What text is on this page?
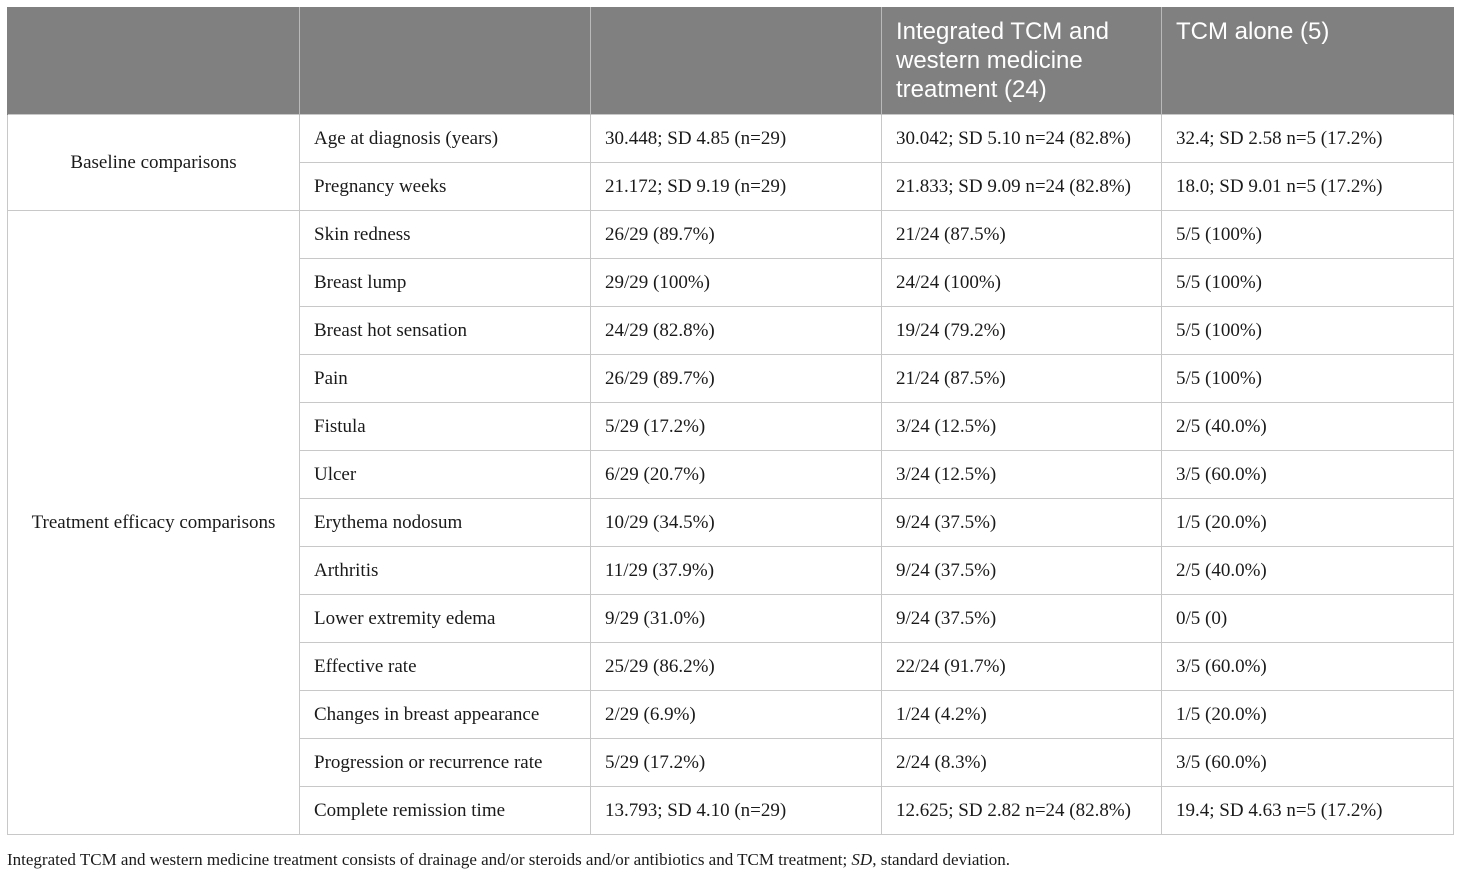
			Integrated TCM and western medicine treatment (24)	TCM alone (5)
Baseline comparisons	Age at diagnosis (years)	30.448; SD 4.85 (n=29)	30.042; SD 5.10 n=24 (82.8%)	32.4; SD 2.58 n=5 (17.2%)
	Pregnancy weeks	21.172; SD 9.19 (n=29)	21.833; SD 9.09 n=24 (82.8%)	18.0; SD 9.01 n=5 (17.2%)
Treatment efficacy comparisons	Skin redness	26/29 (89.7%)	21/24 (87.5%)	5/5 (100%)
	Breast lump	29/29 (100%)	24/24 (100%)	5/5 (100%)
	Breast hot sensation	24/29 (82.8%)	19/24 (79.2%)	5/5 (100%)
	Pain	26/29 (89.7%)	21/24 (87.5%)	5/5 (100%)
	Fistula	5/29 (17.2%)	3/24 (12.5%)	2/5 (40.0%)
	Ulcer	6/29 (20.7%)	3/24 (12.5%)	3/5 (60.0%)
	Erythema nodosum	10/29 (34.5%)	9/24 (37.5%)	1/5 (20.0%)
	Arthritis	11/29 (37.9%)	9/24 (37.5%)	2/5 (40.0%)
	Lower extremity edema	9/29 (31.0%)	9/24 (37.5%)	0/5 (0)
	Effective rate	25/29 (86.2%)	22/24 (91.7%)	3/5 (60.0%)
	Changes in breast appearance	2/29 (6.9%)	1/24 (4.2%)	1/5 (20.0%)
	Progression or recurrence rate	5/29 (17.2%)	2/24 (8.3%)	3/5 (60.0%)
	Complete remission time	13.793; SD 4.10 (n=29)	12.625; SD 2.82 n=24 (82.8%)	19.4; SD 4.63 n=5 (17.2%)
Integrated TCM and western medicine treatment consists of drainage and/or steroids and/or antibiotics and TCM treatment; SD, standard deviation.
